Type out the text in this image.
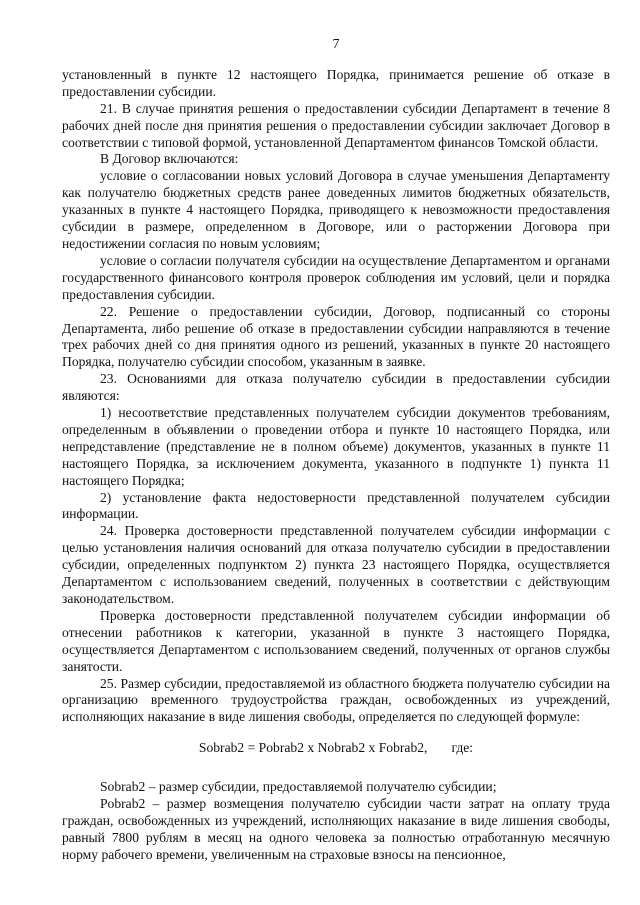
7

установленный в пункте 12 настоящего Порядка, принимается решение об отказе в предоставлении субсидии.

21. В случае принятия решения о предоставлении субсидии Департамент в течение 8 рабочих дней после дня принятия решения о предоставлении субсидии заключает Договор в соответствии с типовой формой, установленной Департаментом финансов Томской области.

В Договор включаются:

условие о согласовании новых условий Договора в случае уменьшения Департаменту как получателю бюджетных средств ранее доведенных лимитов бюджетных обязательств, указанных в пункте 4 настоящего Порядка, приводящего к невозможности предоставления субсидии в размере, определенном в Договоре, или о расторжении Договора при недостижении согласия по новым условиям;

условие о согласии получателя субсидии на осуществление Департаментом и органами государственного финансового контроля проверок соблюдения им условий, цели и порядка предоставления субсидии.

22. Решение о предоставлении субсидии, Договор, подписанный со стороны Департамента, либо решение об отказе в предоставлении субсидии направляются в течение трех рабочих дней со дня принятия одного из решений, указанных в пункте 20 настоящего Порядка, получателю субсидии способом, указанным в заявке.

23. Основаниями для отказа получателю субсидии в предоставлении субсидии являются:

1) несоответствие представленных получателем субсидии документов требованиям, определенным в объявлении о проведении отбора и пункте 10 настоящего Порядка, или непредставление (представление не в полном объеме) документов, указанных в пункте 11 настоящего Порядка, за исключением документа, указанного в подпункте 1) пункта 11 настоящего Порядка;

2) установление факта недостоверности представленной получателем субсидии информации.

24. Проверка достоверности представленной получателем субсидии информации с целью установления наличия оснований для отказа получателю субсидии в предоставлении субсидии, определенных подпунктом 2) пункта 23 настоящего Порядка, осуществляется Департаментом с использованием сведений, полученных в соответствии с действующим законодательством.

Проверка достоверности представленной получателем субсидии информации об отнесении работников к категории, указанной в пункте 3 настоящего Порядка, осуществляется Департаментом с использованием сведений, полученных от органов службы занятости.

25. Размер субсидии, предоставляемой из областного бюджета получателю субсидии на организацию временного трудоустройства граждан, освобожденных из учреждений, исполняющих наказание в виде лишения свободы, определяется по следующей формуле:

Sobrab2 = Pobrab2 x Nobrab2 x Fobrab2, где:

Sobrab2 – размер субсидии, предоставляемой получателю субсидии;

Pobrab2 – размер возмещения получателю субсидии части затрат на оплату труда граждан, освобожденных из учреждений, исполняющих наказание в виде лишения свободы, равный 7800 рублям в месяц на одного человека за полностью отработанную месячную норму рабочего времени, увеличенным на страховые взносы на пенсионное,
